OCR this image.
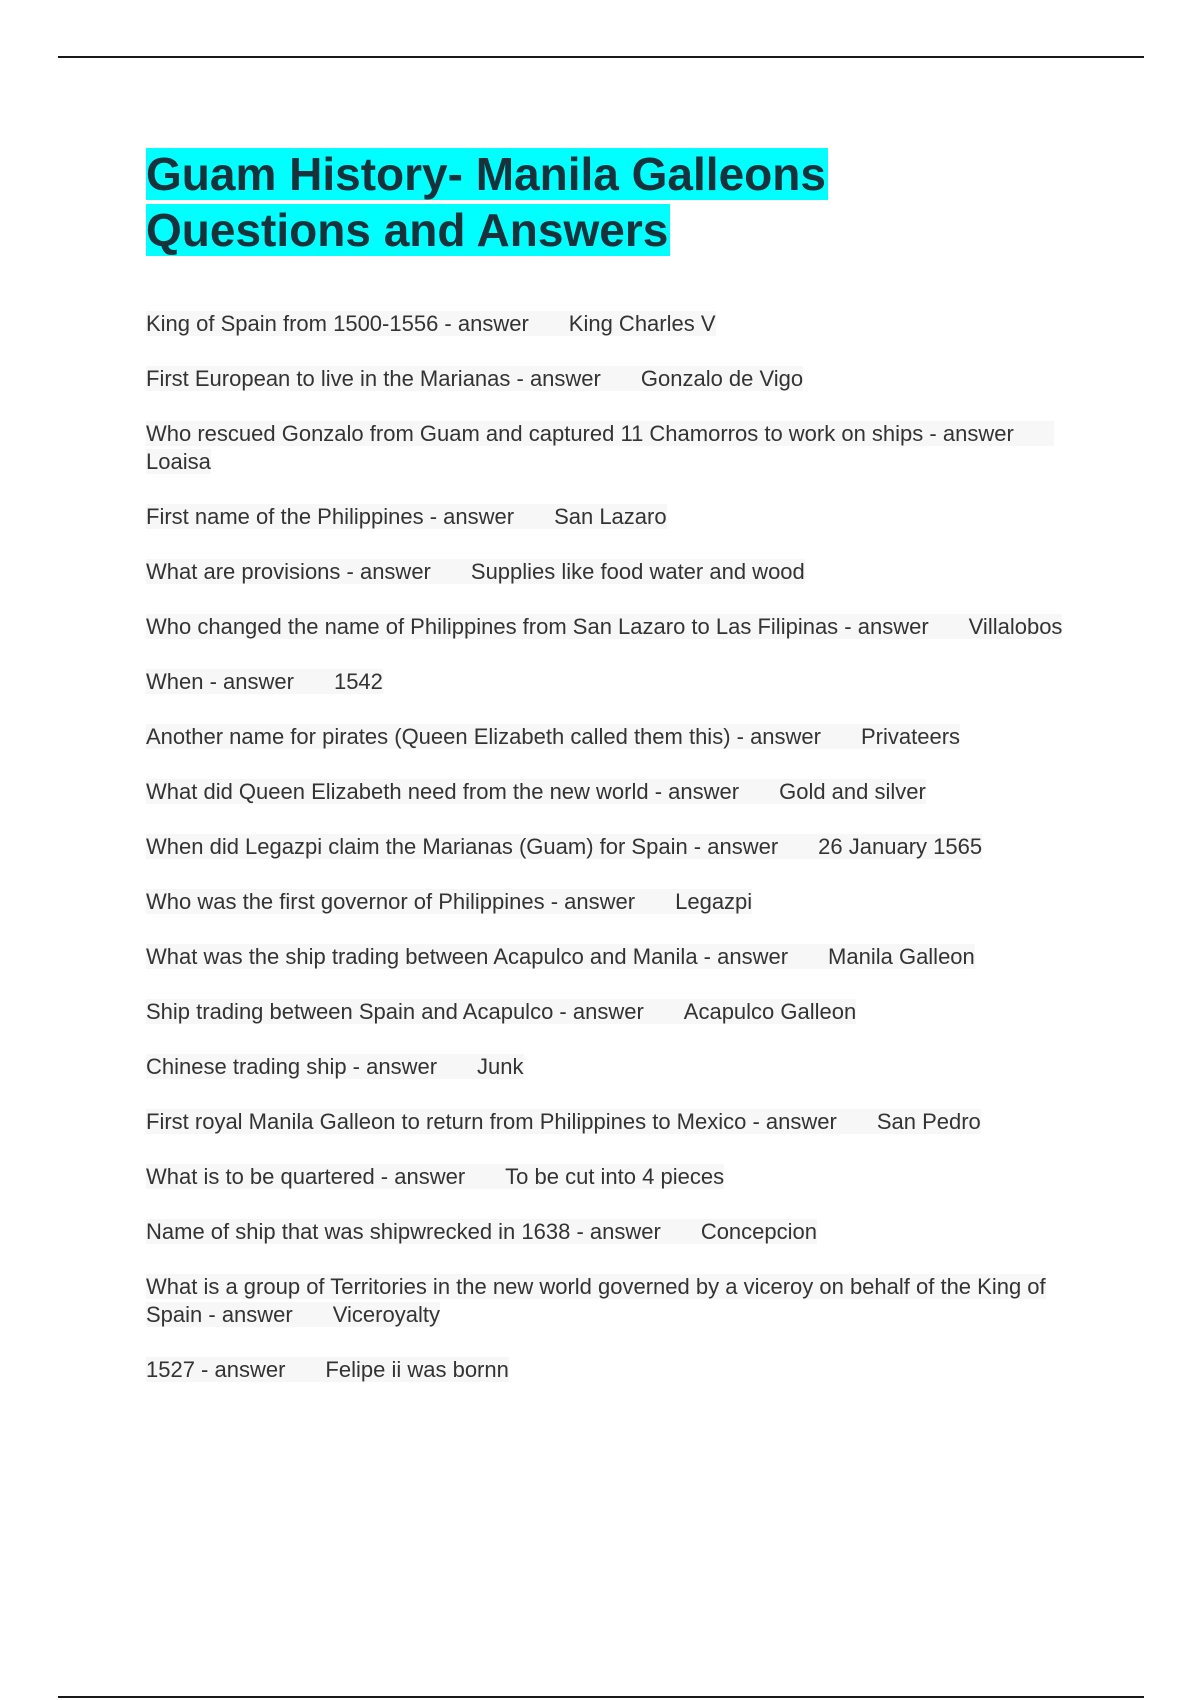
Guam History- Manila Galleons
Questions and Answers

King of Spain from 1500-1556 - answer King Charles V

First European to live in the Marianas - answer Gonzalo de Vigo

Who rescued Gonzalo from Guam and captured 11 Chamorros to work on ships - answerLoaisa

First name of the Philippines - answer San Lazaro

What are provisions - answer Supplies like food water and wood

Who changed the name of Philippines from San Lazaro to Las Filipinas - answer Villalobos

When - answer 1542

Another name for pirates (Queen Elizabeth called them this) - answer Privateers

What did Queen Elizabeth need from the new world - answer Gold and silver

When did Legazpi claim the Marianas (Guam) for Spain - answer 26 January 1565

Who was the first governor of Philippines - answer Legazpi

What was the ship trading between Acapulco and Manila - answer Manila Galleon

Ship trading between Spain and Acapulco - answer Acapulco Galleon

Chinese trading ship - answer Junk

First royal Manila Galleon to return from Philippines to Mexico - answer San Pedro

What is to be quartered - answer To be cut into 4 pieces

Name of ship that was shipwrecked in 1638 - answer Concepcion

What is a group of Territories in the new world governed by a viceroy on behalf of the King of Spain - answer Viceroyalty

1527 - answer Felipe ii was bornn
